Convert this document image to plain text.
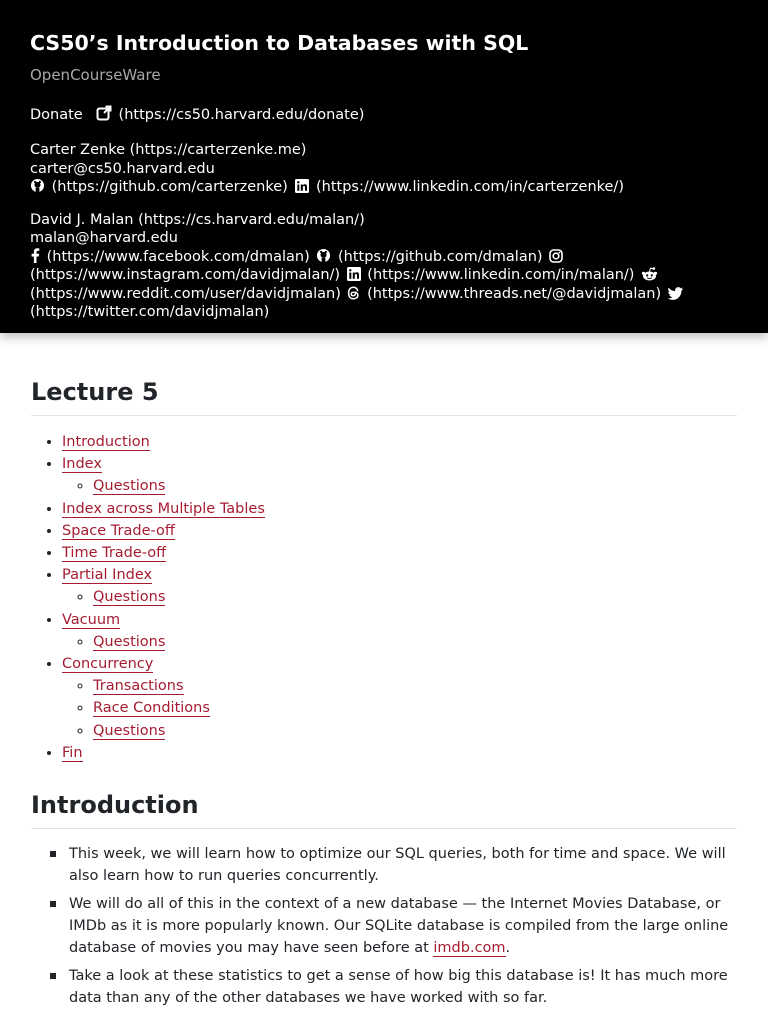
CS50’s Introduction to Databases with SQL
OpenCourseWare
Donate (https://cs50.harvard.edu/donate)
Carter Zenke (https://carterzenke.me)
carter@cs50.harvard.edu
(https://github.com/carterzenke) (https://www.linkedin.com/in/carterzenke/)
David J. Malan (https://cs.harvard.edu/malan/)
malan@harvard.edu
(https://www.facebook.com/dmalan) (https://github.com/dmalan)
(https://www.instagram.com/davidjmalan/) (https://www.linkedin.com/in/malan/)
(https://www.reddit.com/user/davidjmalan) (https://www.threads.net/@davidjmalan)
(https://twitter.com/davidjmalan)
Lecture 5
• Introduction
• Index
◦ Questions
• Index across Multiple Tables
• Space Trade-off
• Time Trade-off
• Partial Index
◦ Questions
• Vacuum
◦ Questions
• Concurrency
◦ Transactions
◦ Race Conditions
◦ Questions
• Fin
Introduction
This week, we will learn how to optimize our SQL queries, both for time and space. We will also learn how to run queries concurrently.
We will do all of this in the context of a new database — the Internet Movies Database, or IMDb as it is more popularly known. Our SQLite database is compiled from the large online database of movies you may have seen before at imdb.com.
Take a look at these statistics to get a sense of how big this database is! It has much more data than any of the other databases we have worked with so far.
